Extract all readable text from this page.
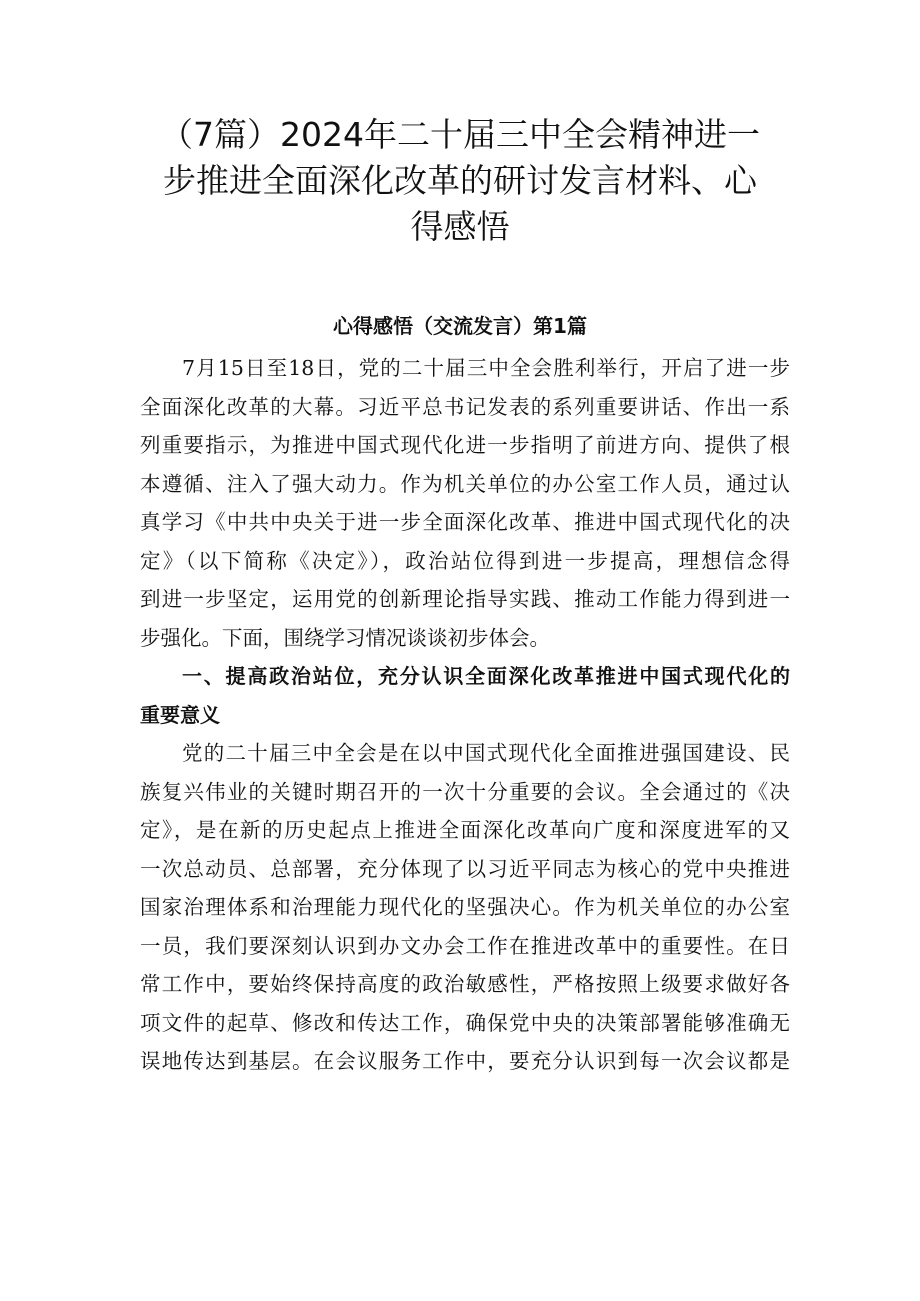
（7篇）2024年二十届三中全会精神进一
步推进全面深化改革的研讨发言材料、心
得感悟
心得感悟（交流发言）第1篇
7月15日至18日，党的二十届三中全会胜利举行，开启了进一步
全面深化改革的大幕。习近平总书记发表的系列重要讲话、作出一系
列重要指示，为推进中国式现代化进一步指明了前进方向、提供了根
本遵循、注入了强大动力。作为机关单位的办公室工作人员，通过认
真学习《中共中央关于进一步全面深化改革、推进中国式现代化的决
定》（以下简称《决定》），政治站位得到进一步提高，理想信念得
到进一步坚定，运用党的创新理论指导实践、推动工作能力得到进一
步强化。下面，围绕学习情况谈谈初步体会。
一、提高政治站位，充分认识全面深化改革推进中国式现代化的
重要意义
党的二十届三中全会是在以中国式现代化全面推进强国建设、民
族复兴伟业的关键时期召开的一次十分重要的会议。全会通过的《决
定》，是在新的历史起点上推进全面深化改革向广度和深度进军的又
一次总动员、总部署，充分体现了以习近平同志为核心的党中央推进
国家治理体系和治理能力现代化的坚强决心。作为机关单位的办公室
一员，我们要深刻认识到办文办会工作在推进改革中的重要性。在日
常工作中，要始终保持高度的政治敏感性，严格按照上级要求做好各
项文件的起草、修改和传达工作，确保党中央的决策部署能够准确无
误地传达到基层。在会议服务工作中，要充分认识到每一次会议都是
